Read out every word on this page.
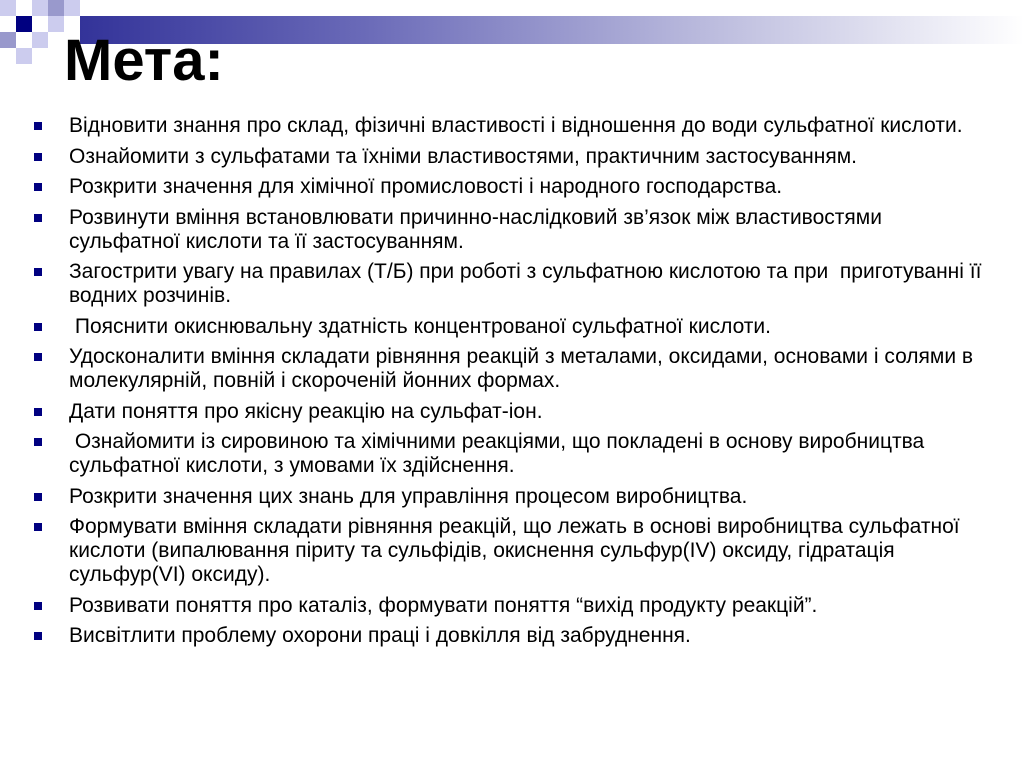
Мета:
Відновити знання про склад, фізичні властивості і відношення до води сульфатної кислоти.
Ознайомити з сульфатами та їхніми властивостями, практичним застосуванням.
Розкрити значення для хімічної промисловості і народного господарства.
Розвинути вміння встановлювати причинно-наслідковий зв’язок між властивостями сульфатної кислоти та її застосуванням.
Загострити увагу на правилах (Т/Б) при роботі з сульфатною кислотою та при  приготуванні її водних розчинів.
Пояснити окиснювальну здатність концентрованої сульфатної кислоти.
Удосконалити вміння складати рівняння реакцій з металами, оксидами, основами і солями в молекулярній, повній і скороченій йонних формах.
Дати поняття про якісну реакцію на сульфат-іон.
Ознайомити із сировиною та хімічними реакціями, що покладені в основу виробництва сульфатної кислоти, з умовами їх здійснення.
Розкрити значення цих знань для управління процесом виробництва.
Формувати вміння складати рівняння реакцій, що лежать в основі виробництва сульфатної кислоти (випалювання піриту та сульфідів, окиснення сульфур(IV) оксиду, гідратація сульфур(VI) оксиду).
Розвивати поняття про каталіз, формувати поняття “вихід продукту реакцій”.
Висвітлити проблему охорони праці і довкілля від забруднення.
